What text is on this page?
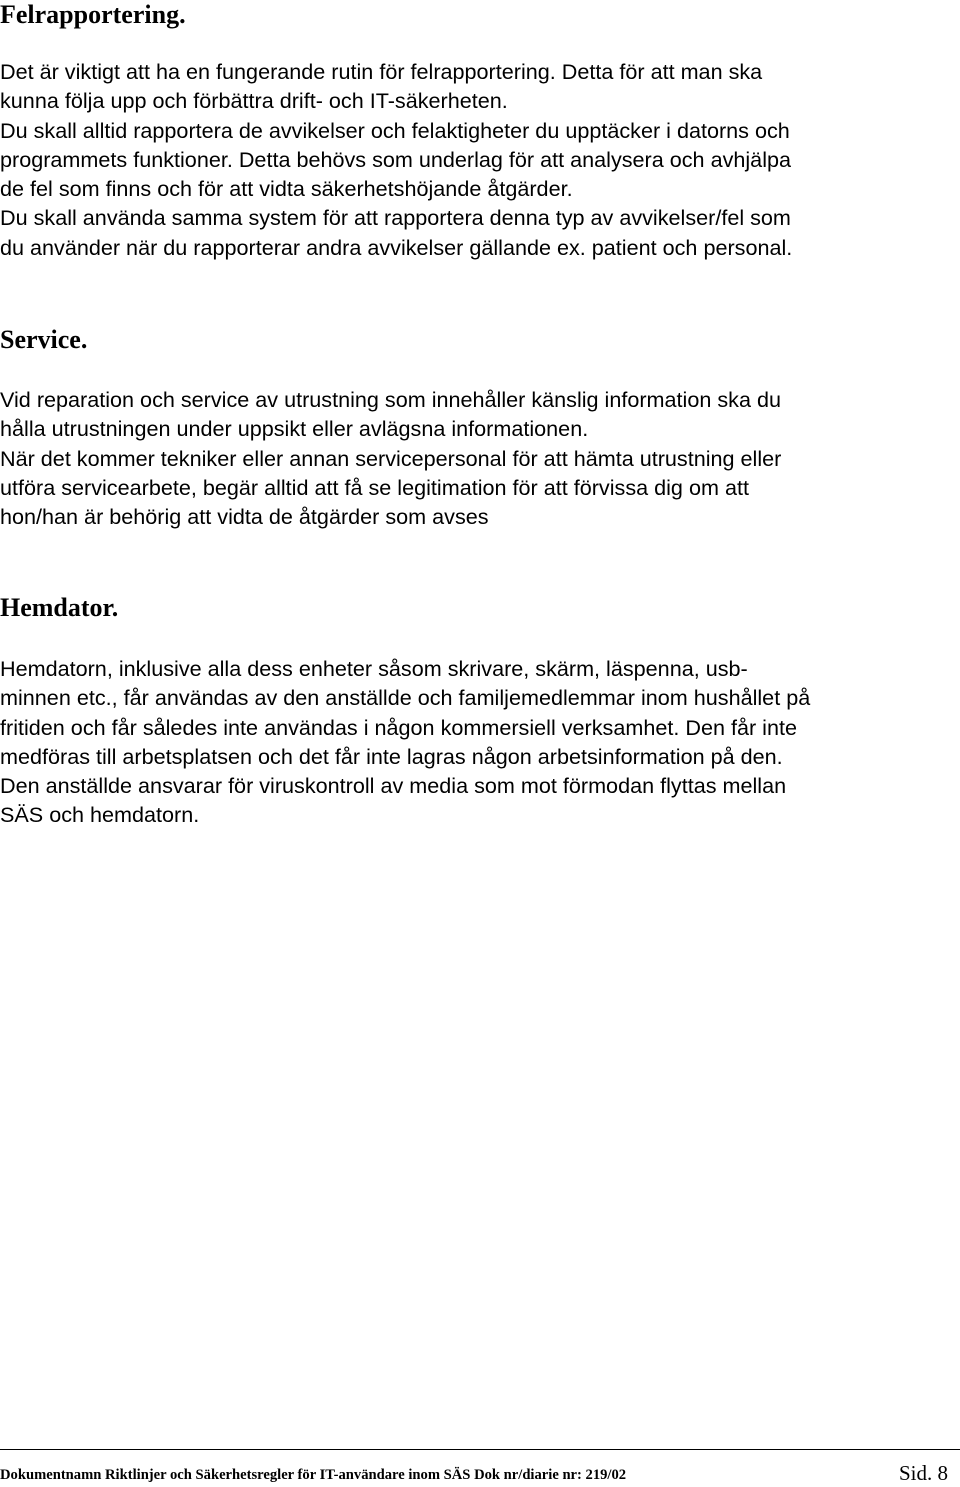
Felrapportering.
Det är viktigt att ha en fungerande rutin för felrapportering. Detta för att man ska
kunna följa upp och förbättra drift- och IT-säkerheten.
Du skall alltid rapportera de avvikelser och felaktigheter du upptäcker i datorns och
programmets funktioner. Detta behövs som underlag för att analysera och avhjälpa
de fel som finns och för att vidta säkerhetshöjande åtgärder.
Du skall använda samma system för att rapportera denna typ av avvikelser/fel som
du använder när du rapporterar andra avvikelser gällande ex. patient och personal.
Service.
Vid reparation och service av utrustning som innehåller känslig information ska du
hålla utrustningen under uppsikt eller avlägsna informationen.
När det kommer tekniker eller annan servicepersonal för att hämta utrustning eller
utföra servicearbete, begär alltid att få se legitimation för att förvissa dig om att
hon/han är behörig att vidta de åtgärder som avses
Hemdator.
Hemdatorn, inklusive alla dess enheter såsom skrivare, skärm, läspenna, usb-
minnen etc., får användas av den anställde och familjemedlemmar inom hushållet på
fritiden och får således inte användas i någon kommersiell verksamhet. Den får inte
medföras till arbetsplatsen och det får inte lagras någon arbetsinformation på den.
Den anställde ansvarar för viruskontroll av media som mot förmodan flyttas mellan
SÄS och hemdatorn.
Dokumentnamn Riktlinjer och Säkerhetsregler för IT-användare inom SÄS Dok nr/diarie nr: 219/02	Sid. 8
